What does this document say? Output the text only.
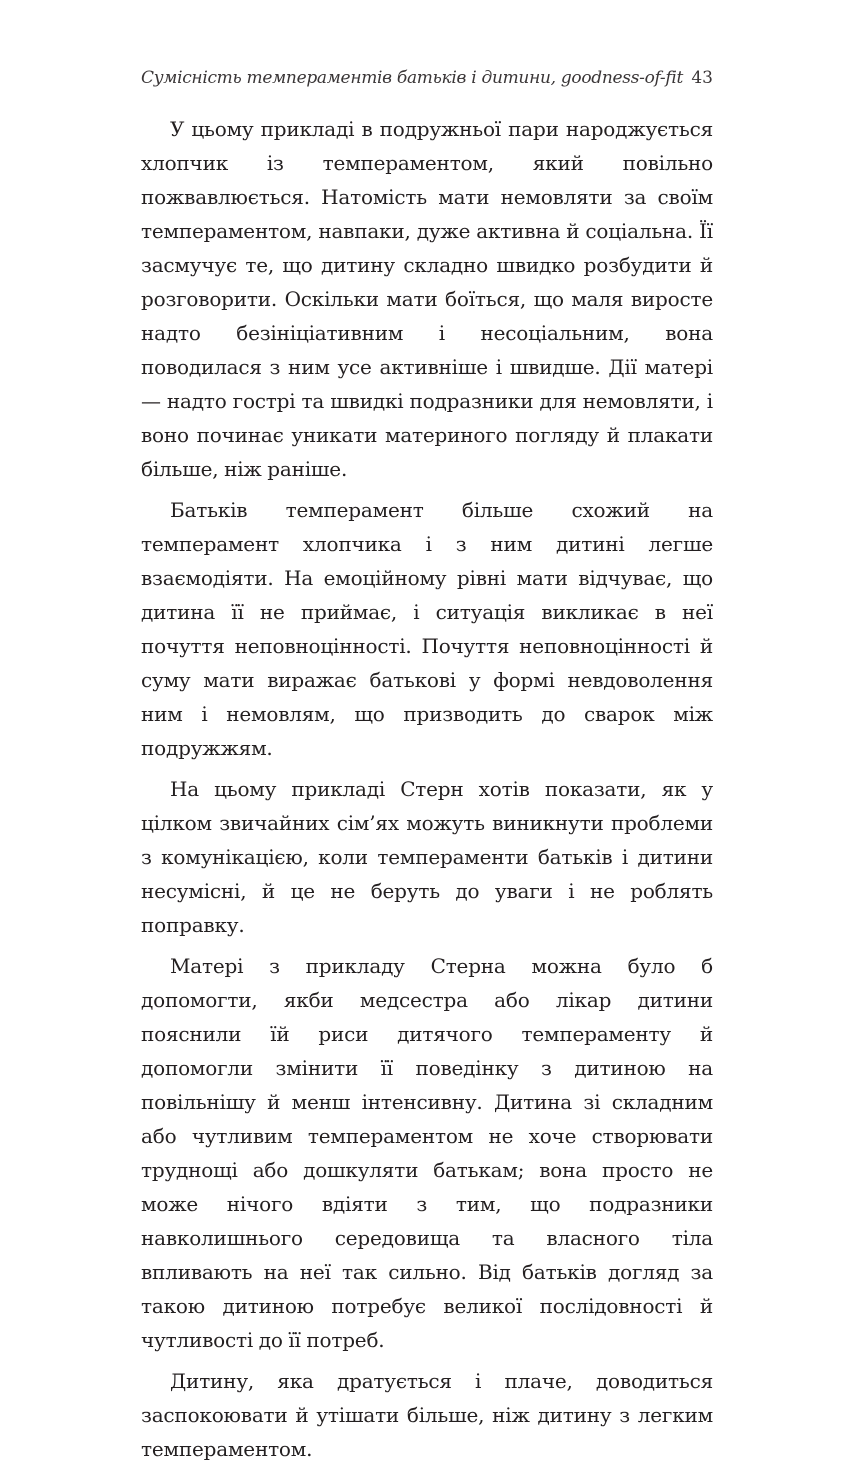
Сумісність темпераментів батьків і дитини, goodness-of-fit 43

У цьому прикладі в подружньої пари народжується хлопчик із темпераментом, який повільно пожвавлюється. Натомість мати немовляти за своїм темпераментом, навпаки, дуже активна й соціальна. Її засмучує те, що дитину складно швидко розбудити й розговорити. Оскільки мати боїться, що маля виросте надто безініціативним і несоціальним, вона поводилася з ним усе активніше і швидше. Дії матері — надто гострі та швидкі подразники для немовляти, і воно починає уникати материного погляду й плакати більше, ніж раніше.

Батьків темперамент більше схожий на темперамент хлопчика і з ним дитині легше взаємодіяти. На емоційному рівні мати відчуває, що дитина її не приймає, і ситуація викликає в неї почуття неповноцінності. Почуття неповноцінності й суму мати виражає батькові у формі невдоволення ним і немовлям, що призводить до сварок між подружжям.

На цьому прикладі Стерн хотів показати, як у цілком звичайних сім’ях можуть виникнути проблеми з комунікацією, коли темпераменти батьків і дитини несумісні, й це не беруть до уваги і не роблять поправку.

Матері з прикладу Стерна можна було б допомогти, якби медсестра або лікар дитини пояснили їй риси дитячого темпераменту й допомогли змінити її поведінку з дитиною на повільнішу й менш інтенсивну. Дитина зі складним або чутливим темпераментом не хоче створювати труднощі або дошкуляти батькам; вона просто не може нічого вдіяти з тим, що подразники навколишнього середовища та власного тіла впливають на неї так сильно. Від батьків догляд за такою дитиною потребує великої послідовності й чутливості до її потреб.

Дитину, яка дратується і плаче, доводиться заспокоювати й утішати більше, ніж дитину з легким темпераментом.
